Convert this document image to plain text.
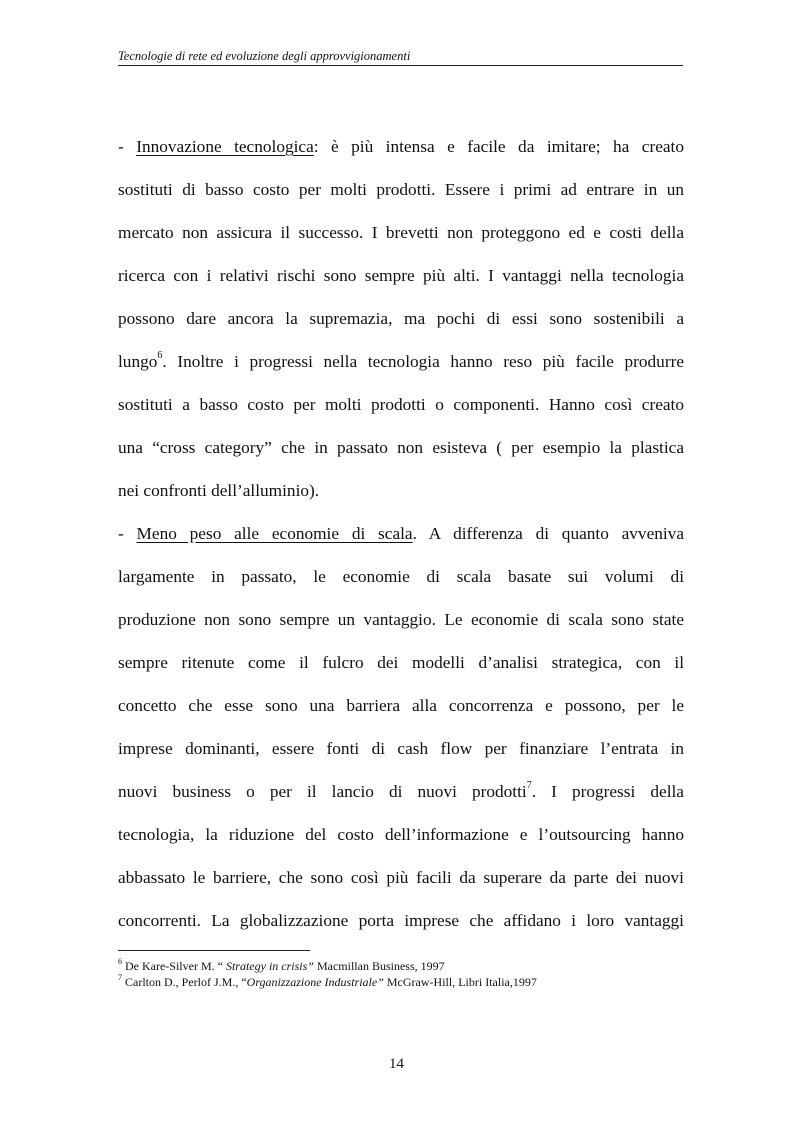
Tecnologie di rete ed evoluzione degli approvvigionamenti
- Innovazione tecnologica: è più intensa e facile da imitare; ha creato
sostituti di basso costo per molti prodotti. Essere i primi ad entrare in un
mercato non assicura il successo. I brevetti non proteggono ed e costi della
ricerca con i relativi rischi sono sempre più alti. I vantaggi nella tecnologia
possono dare ancora la supremazia, ma pochi di essi sono sostenibili a
lungo$^6$. Inoltre i progressi nella tecnologia hanno reso più facile produrre
sostituti a basso costo per molti prodotti o componenti. Hanno così creato
una “cross category” che in passato non esisteva ( per esempio la plastica
nei confronti dell’alluminio).
- Meno peso alle economie di scala. A differenza di quanto avveniva
largamente in passato, le economie di scala basate sui volumi di
produzione non sono sempre un vantaggio. Le economie di scala sono state
sempre ritenute come il fulcro dei modelli d’analisi strategica, con il
concetto che esse sono una barriera alla concorrenza e possono, per le
imprese dominanti, essere fonti di cash flow per finanziare l’entrata in
nuovi business o per il lancio di nuovi prodotti$^7$. I progressi della
tecnologia, la riduzione del costo dell’informazione e l’outsourcing hanno
abbassato le barriere, che sono così più facili da superare da parte dei nuovi
concorrenti. La globalizzazione porta imprese che affidano i loro vantaggi
$^6$ De Kare-Silver M. “ Strategy in crisis” Macmillan Business, 1997
$^7$ Carlton D., Perlof J.M., “Organizzazione Industriale” McGraw-Hill, Libri Italia,1997
14
